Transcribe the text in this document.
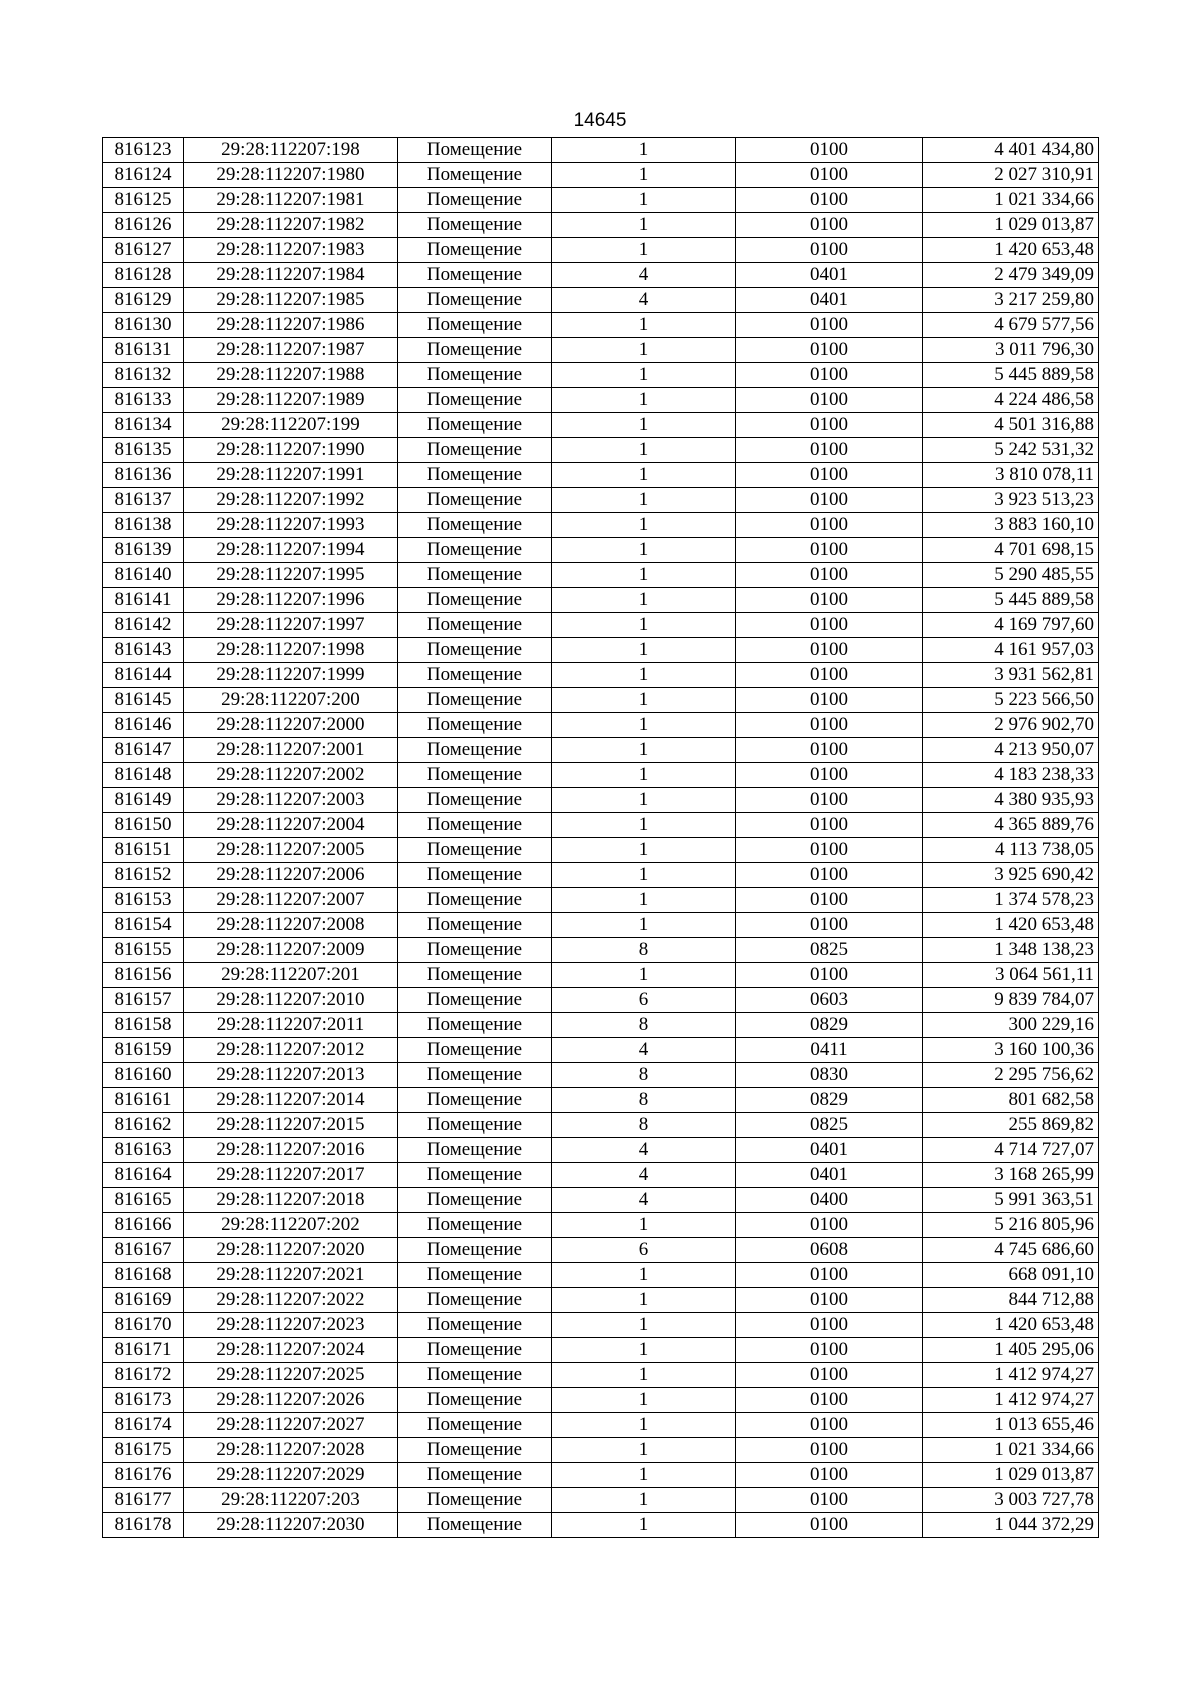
14645
816123	29:28:112207:198	Помещение	1	0100	4 401 434,80
816124	29:28:112207:1980	Помещение	1	0100	2 027 310,91
816125	29:28:112207:1981	Помещение	1	0100	1 021 334,66
816126	29:28:112207:1982	Помещение	1	0100	1 029 013,87
816127	29:28:112207:1983	Помещение	1	0100	1 420 653,48
816128	29:28:112207:1984	Помещение	4	0401	2 479 349,09
816129	29:28:112207:1985	Помещение	4	0401	3 217 259,80
816130	29:28:112207:1986	Помещение	1	0100	4 679 577,56
816131	29:28:112207:1987	Помещение	1	0100	3 011 796,30
816132	29:28:112207:1988	Помещение	1	0100	5 445 889,58
816133	29:28:112207:1989	Помещение	1	0100	4 224 486,58
816134	29:28:112207:199	Помещение	1	0100	4 501 316,88
816135	29:28:112207:1990	Помещение	1	0100	5 242 531,32
816136	29:28:112207:1991	Помещение	1	0100	3 810 078,11
816137	29:28:112207:1992	Помещение	1	0100	3 923 513,23
816138	29:28:112207:1993	Помещение	1	0100	3 883 160,10
816139	29:28:112207:1994	Помещение	1	0100	4 701 698,15
816140	29:28:112207:1995	Помещение	1	0100	5 290 485,55
816141	29:28:112207:1996	Помещение	1	0100	5 445 889,58
816142	29:28:112207:1997	Помещение	1	0100	4 169 797,60
816143	29:28:112207:1998	Помещение	1	0100	4 161 957,03
816144	29:28:112207:1999	Помещение	1	0100	3 931 562,81
816145	29:28:112207:200	Помещение	1	0100	5 223 566,50
816146	29:28:112207:2000	Помещение	1	0100	2 976 902,70
816147	29:28:112207:2001	Помещение	1	0100	4 213 950,07
816148	29:28:112207:2002	Помещение	1	0100	4 183 238,33
816149	29:28:112207:2003	Помещение	1	0100	4 380 935,93
816150	29:28:112207:2004	Помещение	1	0100	4 365 889,76
816151	29:28:112207:2005	Помещение	1	0100	4 113 738,05
816152	29:28:112207:2006	Помещение	1	0100	3 925 690,42
816153	29:28:112207:2007	Помещение	1	0100	1 374 578,23
816154	29:28:112207:2008	Помещение	1	0100	1 420 653,48
816155	29:28:112207:2009	Помещение	8	0825	1 348 138,23
816156	29:28:112207:201	Помещение	1	0100	3 064 561,11
816157	29:28:112207:2010	Помещение	6	0603	9 839 784,07
816158	29:28:112207:2011	Помещение	8	0829	300 229,16
816159	29:28:112207:2012	Помещение	4	0411	3 160 100,36
816160	29:28:112207:2013	Помещение	8	0830	2 295 756,62
816161	29:28:112207:2014	Помещение	8	0829	801 682,58
816162	29:28:112207:2015	Помещение	8	0825	255 869,82
816163	29:28:112207:2016	Помещение	4	0401	4 714 727,07
816164	29:28:112207:2017	Помещение	4	0401	3 168 265,99
816165	29:28:112207:2018	Помещение	4	0400	5 991 363,51
816166	29:28:112207:202	Помещение	1	0100	5 216 805,96
816167	29:28:112207:2020	Помещение	6	0608	4 745 686,60
816168	29:28:112207:2021	Помещение	1	0100	668 091,10
816169	29:28:112207:2022	Помещение	1	0100	844 712,88
816170	29:28:112207:2023	Помещение	1	0100	1 420 653,48
816171	29:28:112207:2024	Помещение	1	0100	1 405 295,06
816172	29:28:112207:2025	Помещение	1	0100	1 412 974,27
816173	29:28:112207:2026	Помещение	1	0100	1 412 974,27
816174	29:28:112207:2027	Помещение	1	0100	1 013 655,46
816175	29:28:112207:2028	Помещение	1	0100	1 021 334,66
816176	29:28:112207:2029	Помещение	1	0100	1 029 013,87
816177	29:28:112207:203	Помещение	1	0100	3 003 727,78
816178	29:28:112207:2030	Помещение	1	0100	1 044 372,29
